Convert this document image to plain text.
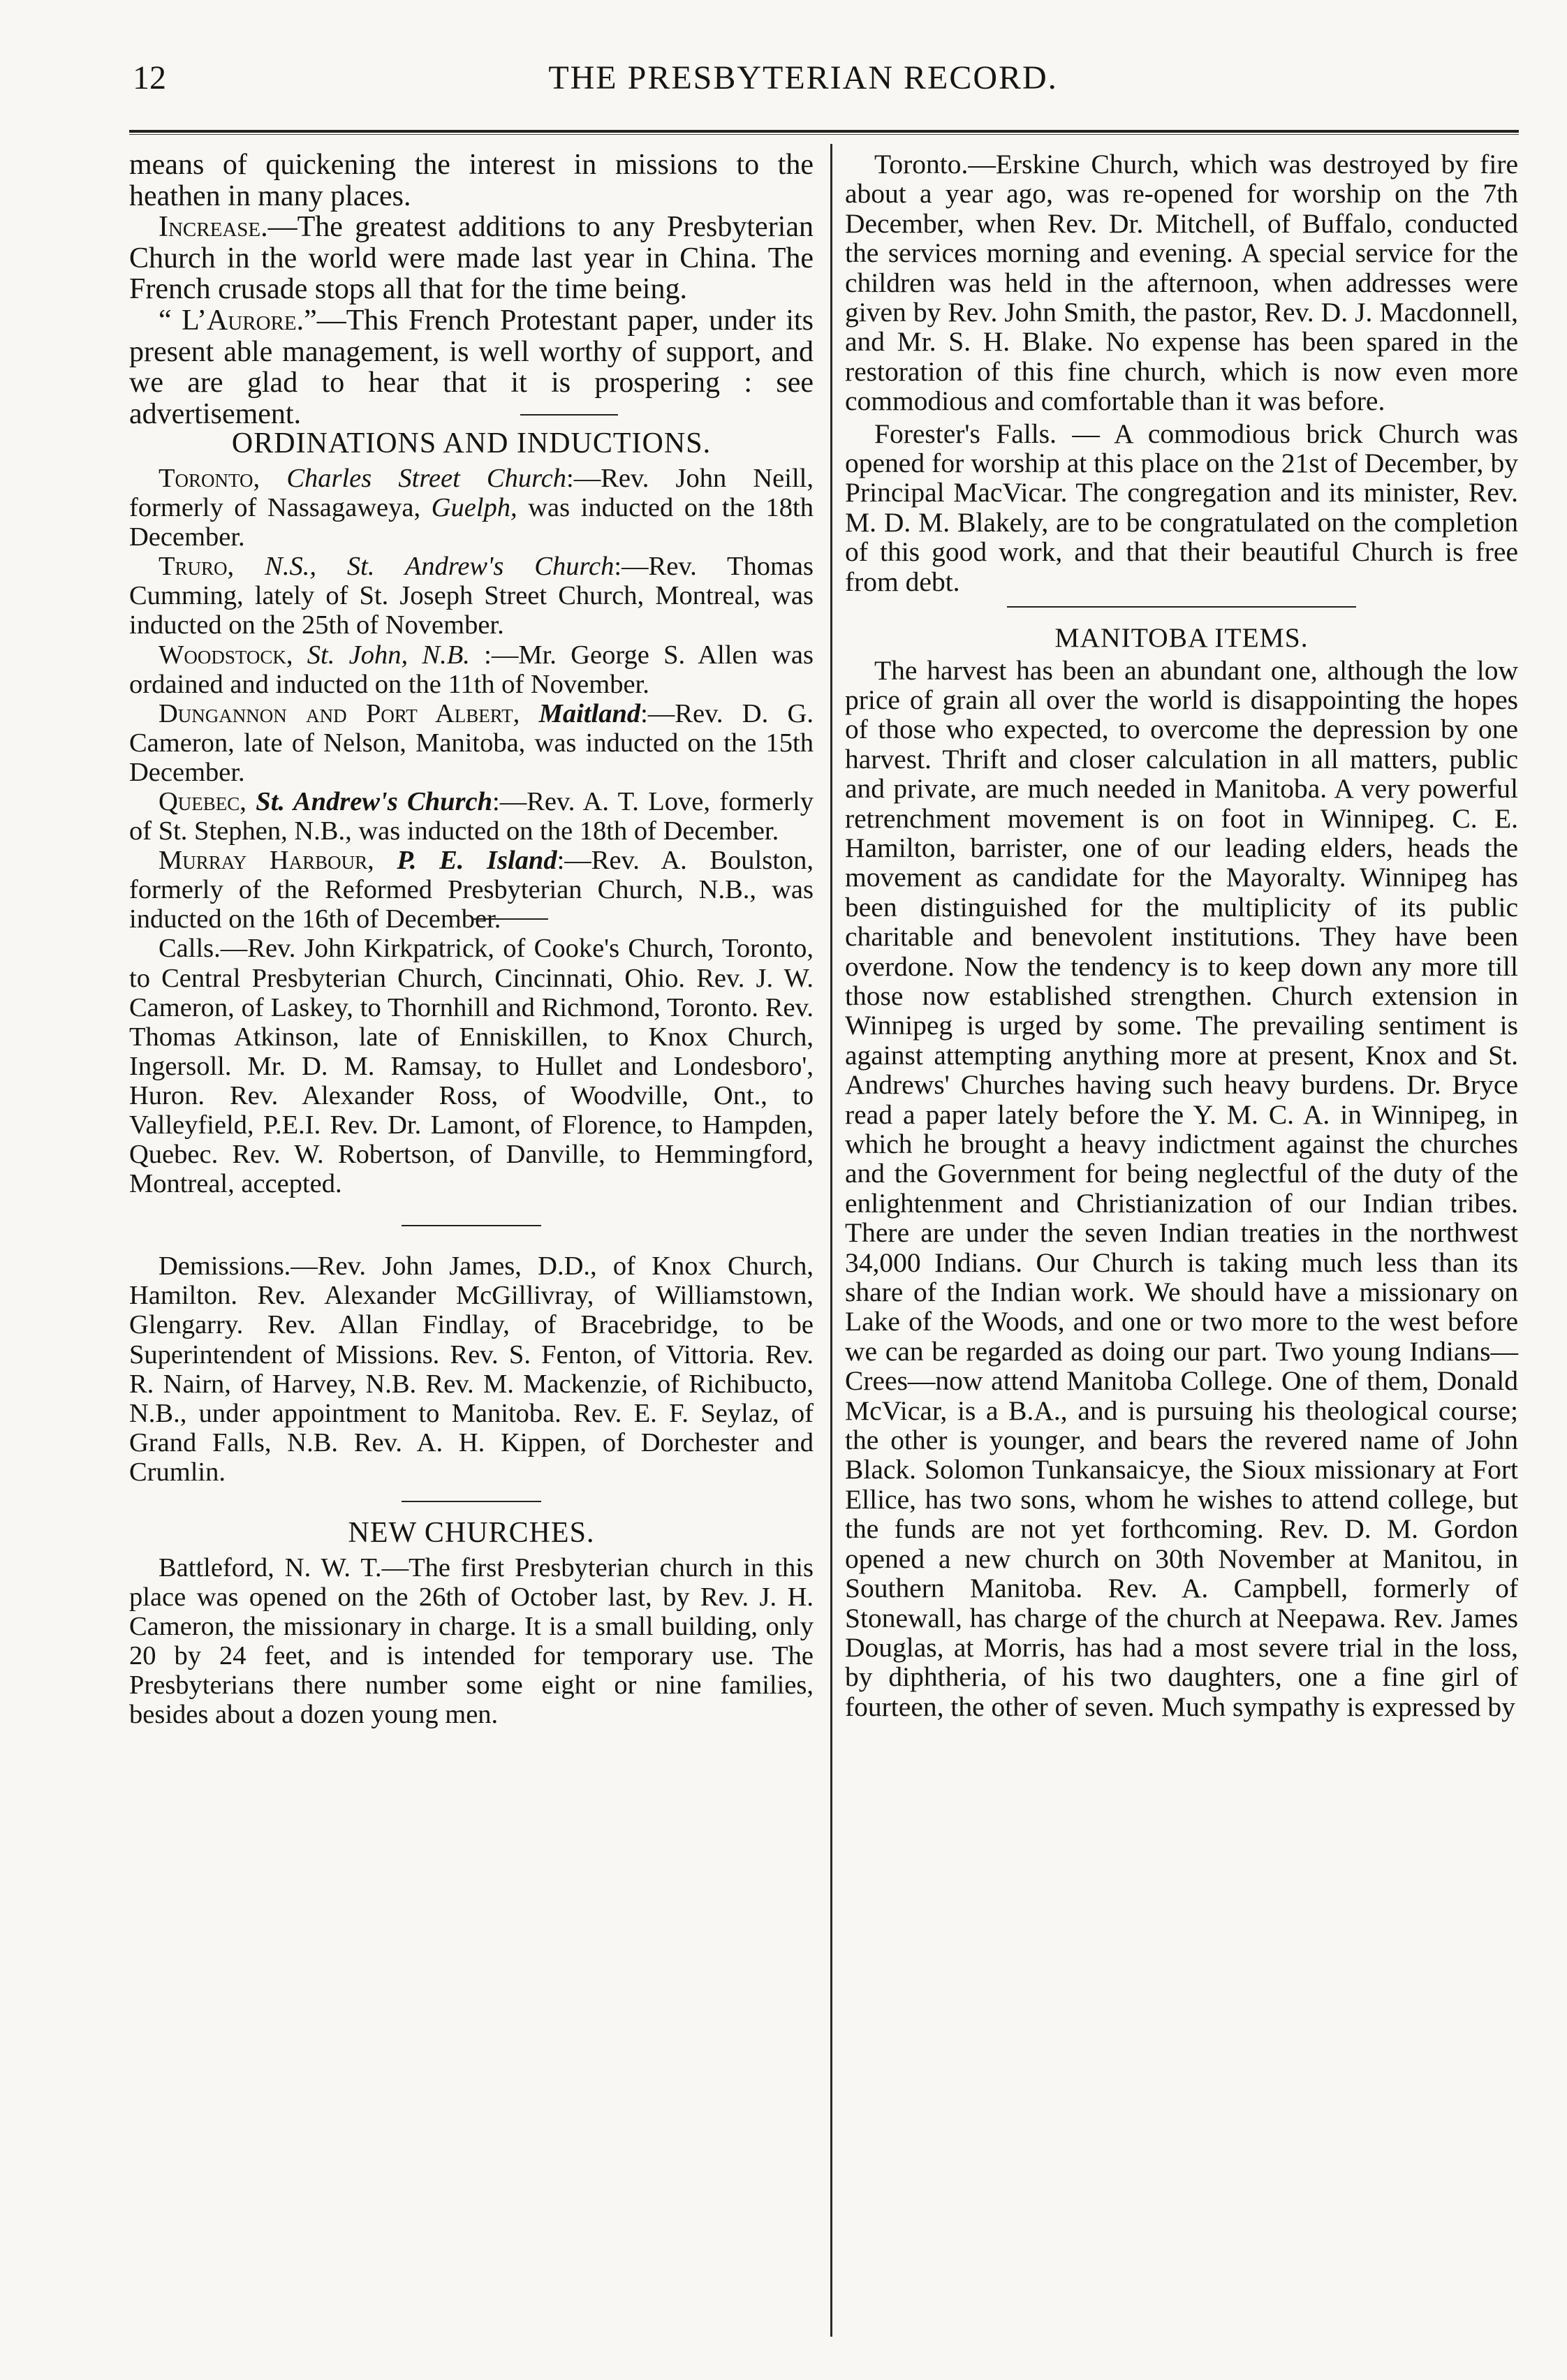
12	THE PRESBYTERIAN RECORD.

means of quickening the interest in missions to the heathen in many places.

Increase.—The greatest additions to any Presbyterian Church in the world were made last year in China. The French crusade stops all that for the time being.

“ L’Aurore.”—This French Protestant paper, under its present able management, is well worthy of support, and we are glad to hear that it is prospering : see advertisement.

ORDINATIONS AND INDUCTIONS.

Toronto, Charles Street Church:—Rev. John Neill, formerly of Nassagaweya, Guelph, was inducted on the 18th December.

Truro, N.S., St. Andrew's Church:—Rev. Thomas Cumming, lately of St. Joseph Street Church, Montreal, was inducted on the 25th of November.

Woodstock, St. John, N.B. :—Mr. George S. Allen was ordained and inducted on the 11th of November.

Dungannon and Port Albert, Maitland:—Rev. D. G. Cameron, late of Nelson, Manitoba, was inducted on the 15th December.

Quebec, St. Andrew's Church:—Rev. A. T. Love, formerly of St. Stephen, N.B., was inducted on the 18th of December.

Murray Harbour, P. E. Island:—Rev. A. Boulston, formerly of the Reformed Presbyterian Church, N.B., was inducted on the 16th of December.

Calls.—Rev. John Kirkpatrick, of Cooke's Church, Toronto, to Central Presbyterian Church, Cincinnati, Ohio. Rev. J. W. Cameron, of Laskey, to Thornhill and Richmond, Toronto. Rev. Thomas Atkinson, late of Enniskillen, to Knox Church, Ingersoll. Mr. D. M. Ramsay, to Hullet and Londesboro', Huron. Rev. Alexander Ross, of Woodville, Ont., to Valleyfield, P.E.I. Rev. Dr. Lamont, of Florence, to Hampden, Quebec. Rev. W. Robertson, of Danville, to Hemmingford, Montreal, accepted.

Demissions.—Rev. John James, D.D., of Knox Church, Hamilton. Rev. Alexander McGillivray, of Williamstown, Glengarry. Rev. Allan Findlay, of Bracebridge, to be Superintendent of Missions. Rev. S. Fenton, of Vittoria. Rev. R. Nairn, of Harvey, N.B. Rev. M. Mackenzie, of Richibucto, N.B., under appointment to Manitoba. Rev. E. F. Seylaz, of Grand Falls, N.B. Rev. A. H. Kippen, of Dorchester and Crumlin.

NEW CHURCHES.

Battleford, N. W. T.—The first Presbyterian church in this place was opened on the 26th of October last, by Rev. J. H. Cameron, the missionary in charge. It is a small building, only 20 by 24 feet, and is intended for temporary use. The Presbyterians there number some eight or nine families, besides about a dozen young men.

Toronto.—Erskine Church, which was destroyed by fire about a year ago, was re-opened for worship on the 7th December, when Rev. Dr. Mitchell, of Buffalo, conducted the services morning and evening. A special service for the children was held in the afternoon, when addresses were given by Rev. John Smith, the pastor, Rev. D. J. Macdonnell, and Mr. S. H. Blake. No expense has been spared in the restoration of this fine church, which is now even more commodious and comfortable than it was before.

Forester's Falls. — A commodious brick Church was opened for worship at this place on the 21st of December, by Principal MacVicar. The congregation and its minister, Rev. M. D. M. Blakely, are to be congratulated on the completion of this good work, and that their beautiful Church is free from debt.

MANITOBA ITEMS.

The harvest has been an abundant one, although the low price of grain all over the world is disappointing the hopes of those who expected, to overcome the depression by one harvest. Thrift and closer calculation in all matters, public and private, are much needed in Manitoba. A very powerful retrenchment movement is on foot in Winnipeg. C. E. Hamilton, barrister, one of our leading elders, heads the movement as candidate for the Mayoralty. Winnipeg has been distinguished for the multiplicity of its public charitable and benevolent institutions. They have been overdone. Now the tendency is to keep down any more till those now established strengthen. Church extension in Winnipeg is urged by some. The prevailing sentiment is against attempting anything more at present, Knox and St. Andrews' Churches having such heavy burdens. Dr. Bryce read a paper lately before the Y. M. C. A. in Winnipeg, in which he brought a heavy indictment against the churches and the Government for being neglectful of the duty of the enlightenment and Christianization of our Indian tribes. There are under the seven Indian treaties in the northwest 34,000 Indians. Our Church is taking much less than its share of the Indian work. We should have a missionary on Lake of the Woods, and one or two more to the west before we can be regarded as doing our part. Two young Indians—Crees—now attend Manitoba College. One of them, Donald McVicar, is a B.A., and is pursuing his theological course; the other is younger, and bears the revered name of John Black. Solomon Tunkansaicye, the Sioux missionary at Fort Ellice, has two sons, whom he wishes to attend college, but the funds are not yet forthcoming. Rev. D. M. Gordon opened a new church on 30th November at Manitou, in Southern Manitoba. Rev. A. Campbell, formerly of Stonewall, has charge of the church at Neepawa. Rev. James Douglas, at Morris, has had a most severe trial in the loss, by diphtheria, of his two daughters, one a fine girl of fourteen, the other of seven. Much sympathy is expressed by
